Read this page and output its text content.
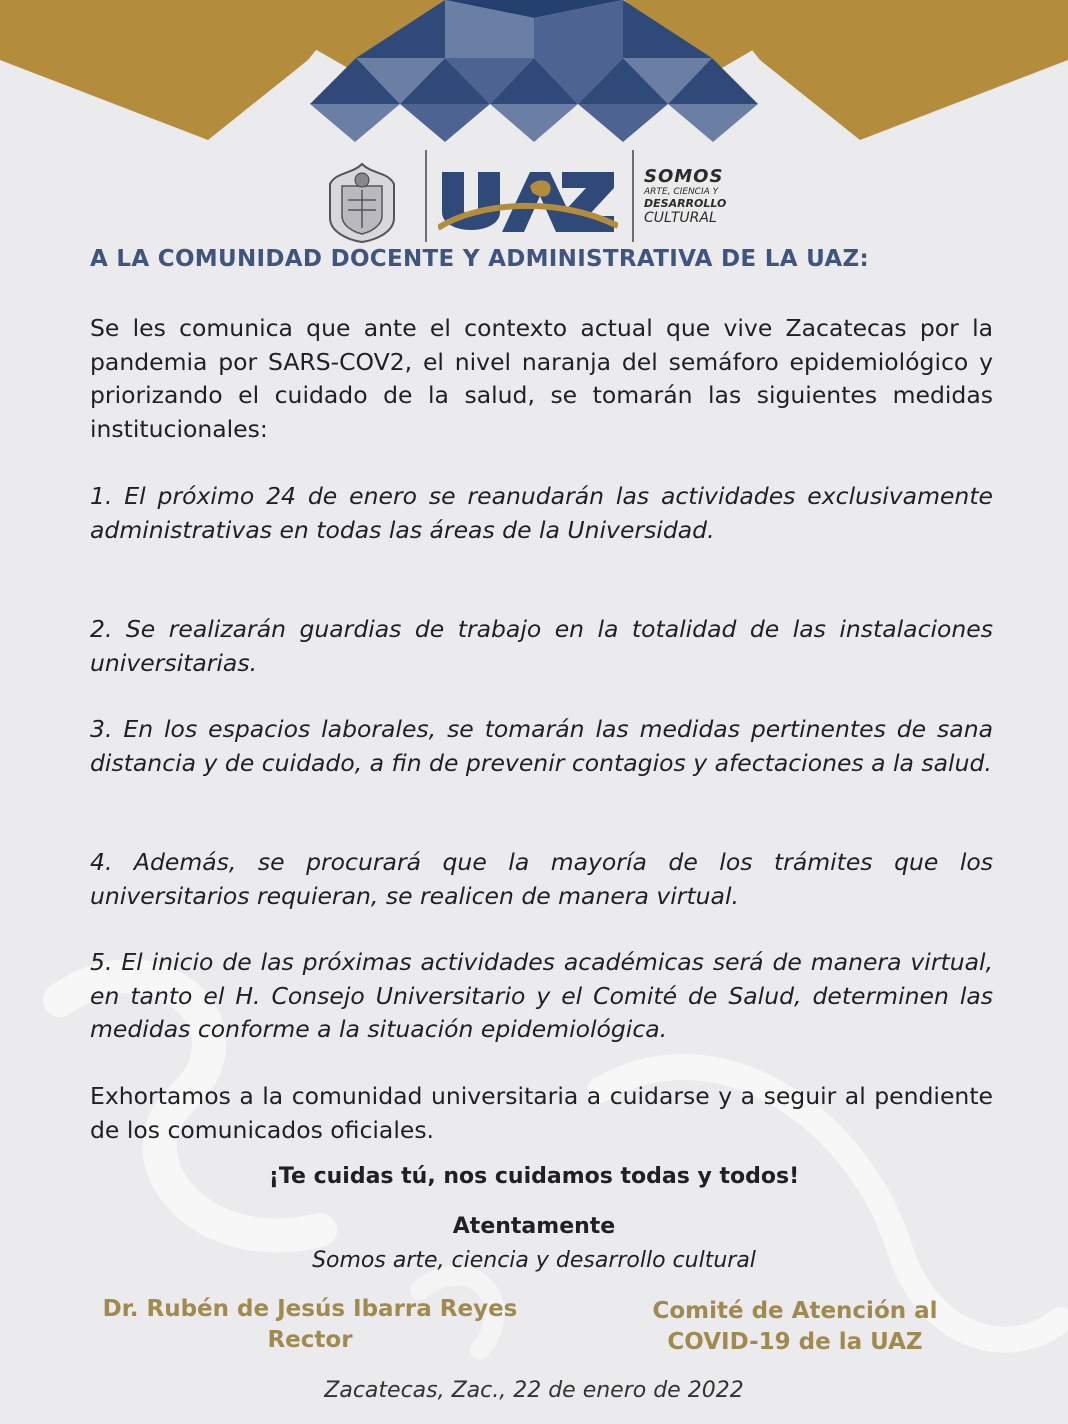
SOMOS
ARTE, CIENCIA Y
DESARROLLO
CULTURAL
A LA COMUNIDAD DOCENTE Y ADMINISTRATIVA DE LA UAZ:

Se les comunica que ante el contexto actual que vive Zacatecas por la pandemia por SARS-COV2, el nivel naranja del semáforo epidemiológico y priorizando el cuidado de la salud, se tomarán las siguientes medidas institucionales:

1. El próximo 24 de enero se reanudarán las actividades exclusivamente administrativas en todas las áreas de la Universidad.

2. Se realizarán guardias de trabajo en la totalidad de las instalaciones universitarias.

3. En los espacios laborales, se tomarán las medidas pertinentes de sana distancia y de cuidado, a fin de prevenir contagios y afectaciones a la salud.

4. Además, se procurará que la mayoría de los trámites que los universitarios requieran, se realicen de manera virtual.

5. El inicio de las próximas actividades académicas será de manera virtual, en tanto el H. Consejo Universitario y el Comité de Salud, determinen las medidas conforme a la situación epidemiológica.

Exhortamos a la comunidad universitaria a cuidarse y a seguir al pendiente de los comunicados oficiales.

¡Te cuidas tú, nos cuidamos todas y todos!

Atentamente

Somos arte, ciencia y desarrollo cultural

Dr. Rubén de Jesús Ibarra Reyes
Rector
Comité de Atención al
COVID-19 de la UAZ

Zacatecas, Zac., 22 de enero de 2022
